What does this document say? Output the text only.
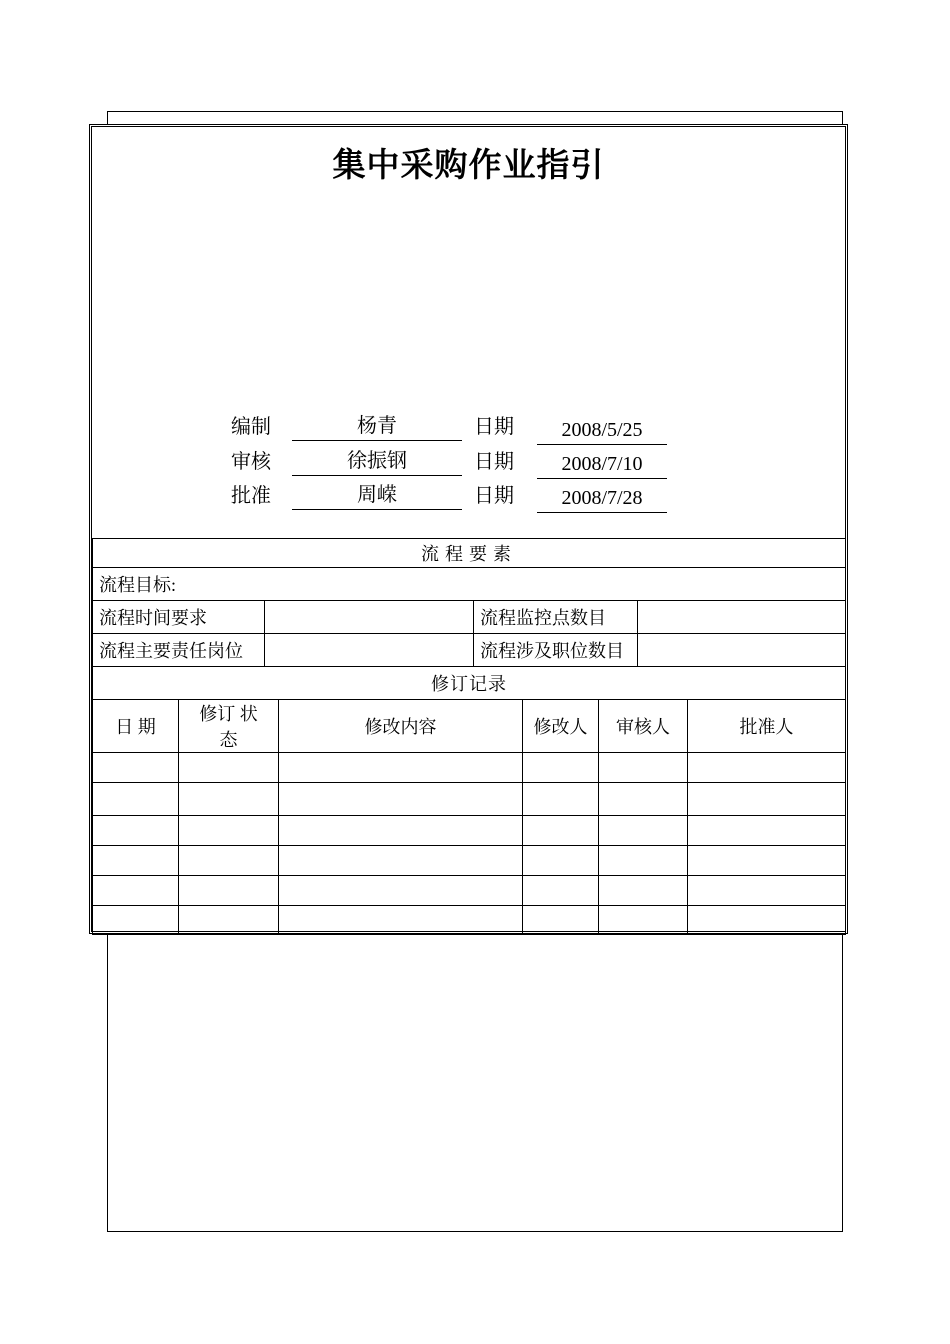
集中采购作业指引
编制	杨青	日期	2008/5/25
审核	徐振钢	日期	2008/7/10
批准	周嵘	日期	2008/7/28
流程要素			
流程目标:			
流程时间要求		流程监控点数目	
流程主要责任岗位		流程涉及职位数目	
修订记录					
日 期	修订 状态	修改内容	修改人	审核人	批准人
